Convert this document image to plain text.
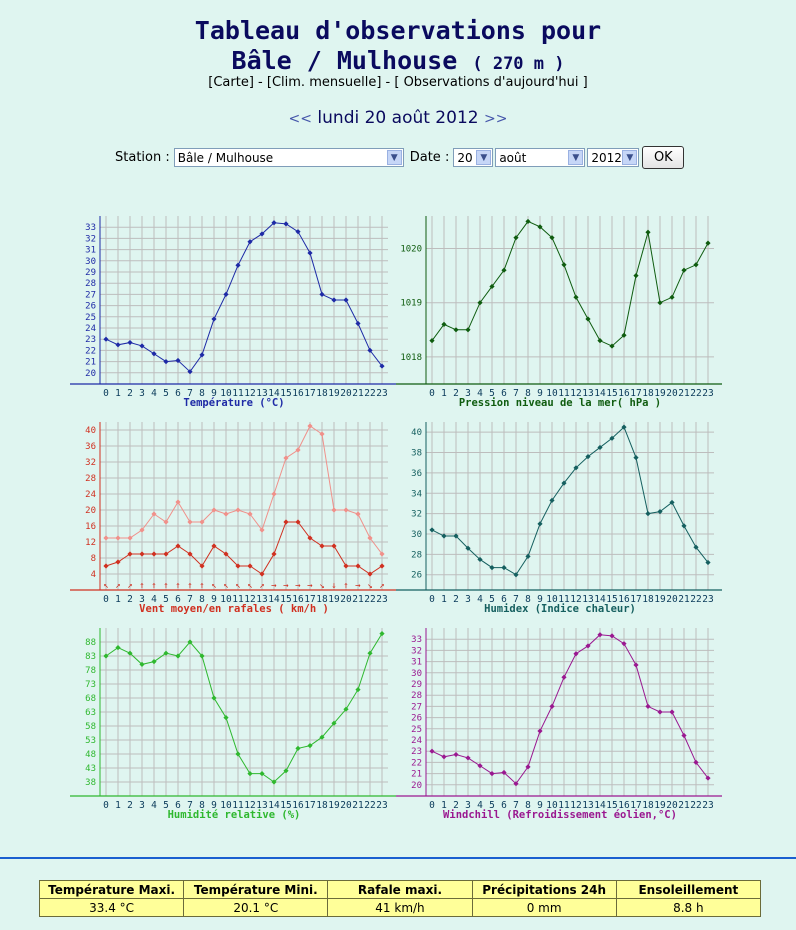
Tableau d'observations pour
Bâle / Mulhouse ( 270 m )
[Carte] - [Clim. mensuelle] - [ Observations d'aujourd'hui ]
<< lundi 20 août 2012 >>
Station : Bâle / Mulhouse	▼ Date : 20 ▼	août	▼	2012 ▼	OK
20
21
22
23
24
25
26
27
28
29
30
31
32
33
0 1 2 3 4 5 6 7 8 9 10 11 12 13 14 15 16 17 18 19 20 21 22 23
Température (°C)
1018
1019
1020
0 1 2 3 4 5 6 7 8 9 10 11 12 13 14 15 16 17 18 19 20 21 22 23
Pression niveau de la mer( hPa )
4
8
12
16
20
24
28
32
36
40
0 1 2 3 4 5 6 7 8 9 10 11 12 13 14 15 16 17 18 19 20 21 22 23
Vent moyen/en rafales ( km/h )
↖ ↗ ↗ ↑ ↑ ↑ ↑ ↑ ↑ ↖ ↖ ↖ ↖ ↗ → → → → ↘ ↓ ↑ → ↘ ↗
26
28
30
32
34
36
38
40
0 1 2 3 4 5 6 7 8 9 10 11 12 13 14 15 16 17 18 19 20 21 22 23
Humidex (Indice chaleur)
38
43
48
53
58
63
68
73
78
83
88
0 1 2 3 4 5 6 7 8 9 10 11 12 13 14 15 16 17 18 19 20 21 22 23
Humidité relative (%)
20
21
22
23
24
25
26
27
28
29
30
31
32
33
0 1 2 3 4 5 6 7 8 9 10 11 12 13 14 15 16 17 18 19 20 21 22 23
Windchill (Refroidissement éolien,°C)
Température Maxi.	Température Mini.	Rafale maxi.	Précipitations 24h	Ensoleillement
33.4 °C	20.1 °C	41 km/h	0 mm	8.8 h
